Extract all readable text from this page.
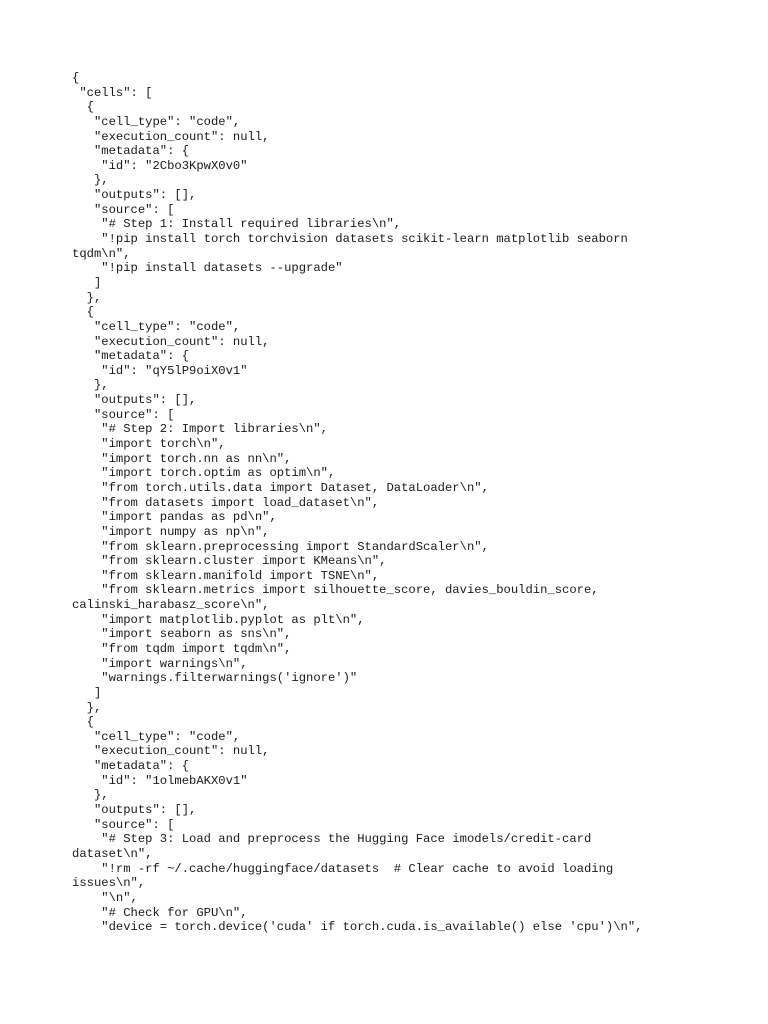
{
"cells": [
{
"cell_type": "code",
"execution_count": null,
"metadata": {
"id": "2Cbo3KpwX0v0"
},
"outputs": [],
"source": [
"# Step 1: Install required libraries\n",
"!pip install torch torchvision datasets scikit-learn matplotlib seaborn
tqdm\n",
"!pip install datasets --upgrade"
]
},
{
"cell_type": "code",
"execution_count": null,
"metadata": {
"id": "qY5lP9oiX0v1"
},
"outputs": [],
"source": [
"# Step 2: Import libraries\n",
"import torch\n",
"import torch.nn as nn\n",
"import torch.optim as optim\n",
"from torch.utils.data import Dataset, DataLoader\n",
"from datasets import load_dataset\n",
"import pandas as pd\n",
"import numpy as np\n",
"from sklearn.preprocessing import StandardScaler\n",
"from sklearn.cluster import KMeans\n",
"from sklearn.manifold import TSNE\n",
"from sklearn.metrics import silhouette_score, davies_bouldin_score,
calinski_harabasz_score\n",
"import matplotlib.pyplot as plt\n",
"import seaborn as sns\n",
"from tqdm import tqdm\n",
"import warnings\n",
"warnings.filterwarnings('ignore')"
]
},
{
"cell_type": "code",
"execution_count": null,
"metadata": {
"id": "1olmebAKX0v1"
},
"outputs": [],
"source": [
"# Step 3: Load and preprocess the Hugging Face imodels/credit-card
dataset\n",
"!rm -rf ~/.cache/huggingface/datasets  # Clear cache to avoid loading
issues\n",
"\n",
"# Check for GPU\n",
"device = torch.device('cuda' if torch.cuda.is_available() else 'cpu')\n",
